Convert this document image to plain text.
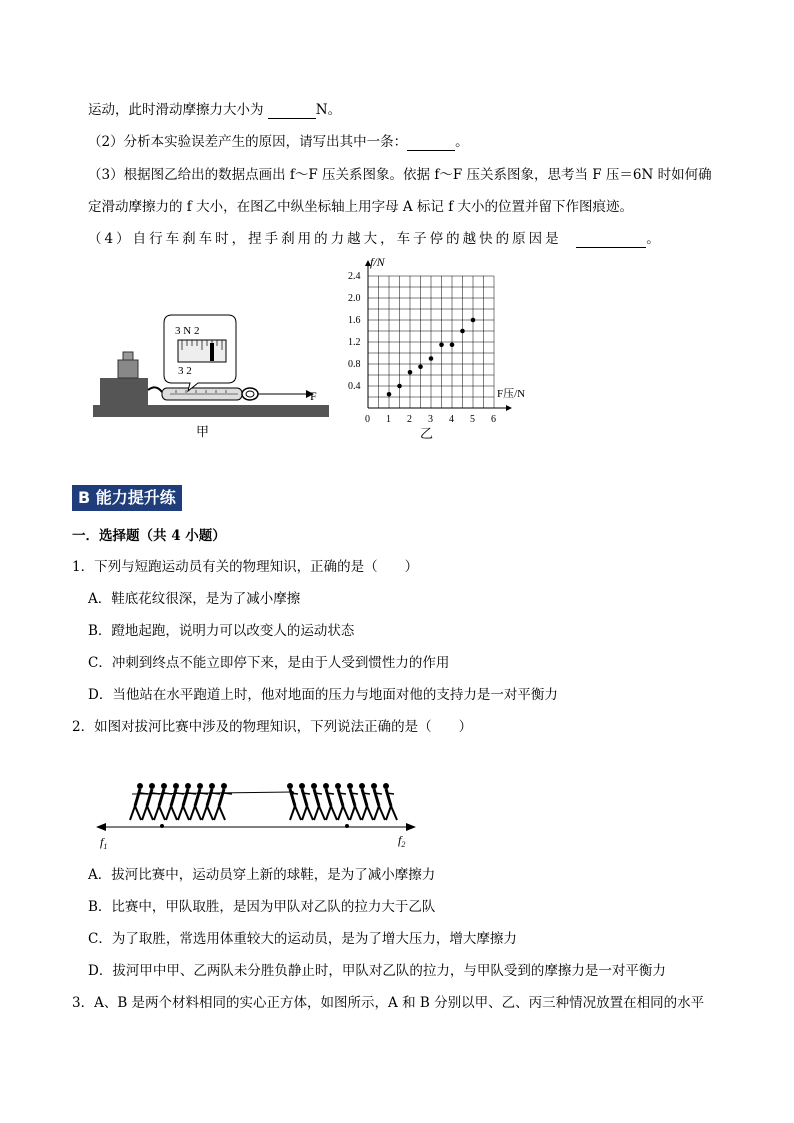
运动，此时滑动摩擦力大小为	N。
（2）分析本实验误差产生的原因，请写出其中一条：	。
（3）根据图乙给出的数据点画出 f～F 压关系图象。依据 f～F 压关系图象，思考当 F 压＝6N 时如何确
定滑动摩擦力的 f 大小，在图乙中纵坐标轴上用字母 A 标记 f 大小的位置并留下作图痕迹。
（4）自行车刹车时，捏手刹用的力越大，车子停的越快的原因是	。
F
3 N 2
3 2
甲
0 1 2 3 4 5 6
0.4
0.8
1.2
1.6
2.0
2.4
f/N
F压/N
乙
B 能力提升练
一．选择题（共 4 小题）
1．下列与短跑运动员有关的物理知识，正确的是（　　）
A．鞋底花纹很深，是为了减小摩擦
B．蹬地起跑，说明力可以改变人的运动状态
C．冲刺到终点不能立即停下来，是由于人受到惯性力的作用
D．当他站在水平跑道上时，他对地面的压力与地面对他的支持力是一对平衡力
2．如图对拔河比赛中涉及的物理知识，下列说法正确的是（　　）
$f_1$	$f_2$
A．拔河比赛中，运动员穿上新的球鞋，是为了减小摩擦力
B．比赛中，甲队取胜，是因为甲队对乙队的拉力大于乙队
C．为了取胜，常选用体重较大的运动员，是为了增大压力，增大摩擦力
D．拔河甲中甲、乙两队未分胜负静止时，甲队对乙队的拉力，与甲队受到的摩擦力是一对平衡力
3．A、B 是两个材料相同的实心正方体，如图所示，A 和 B 分别以甲、乙、丙三种情况放置在相同的水平
